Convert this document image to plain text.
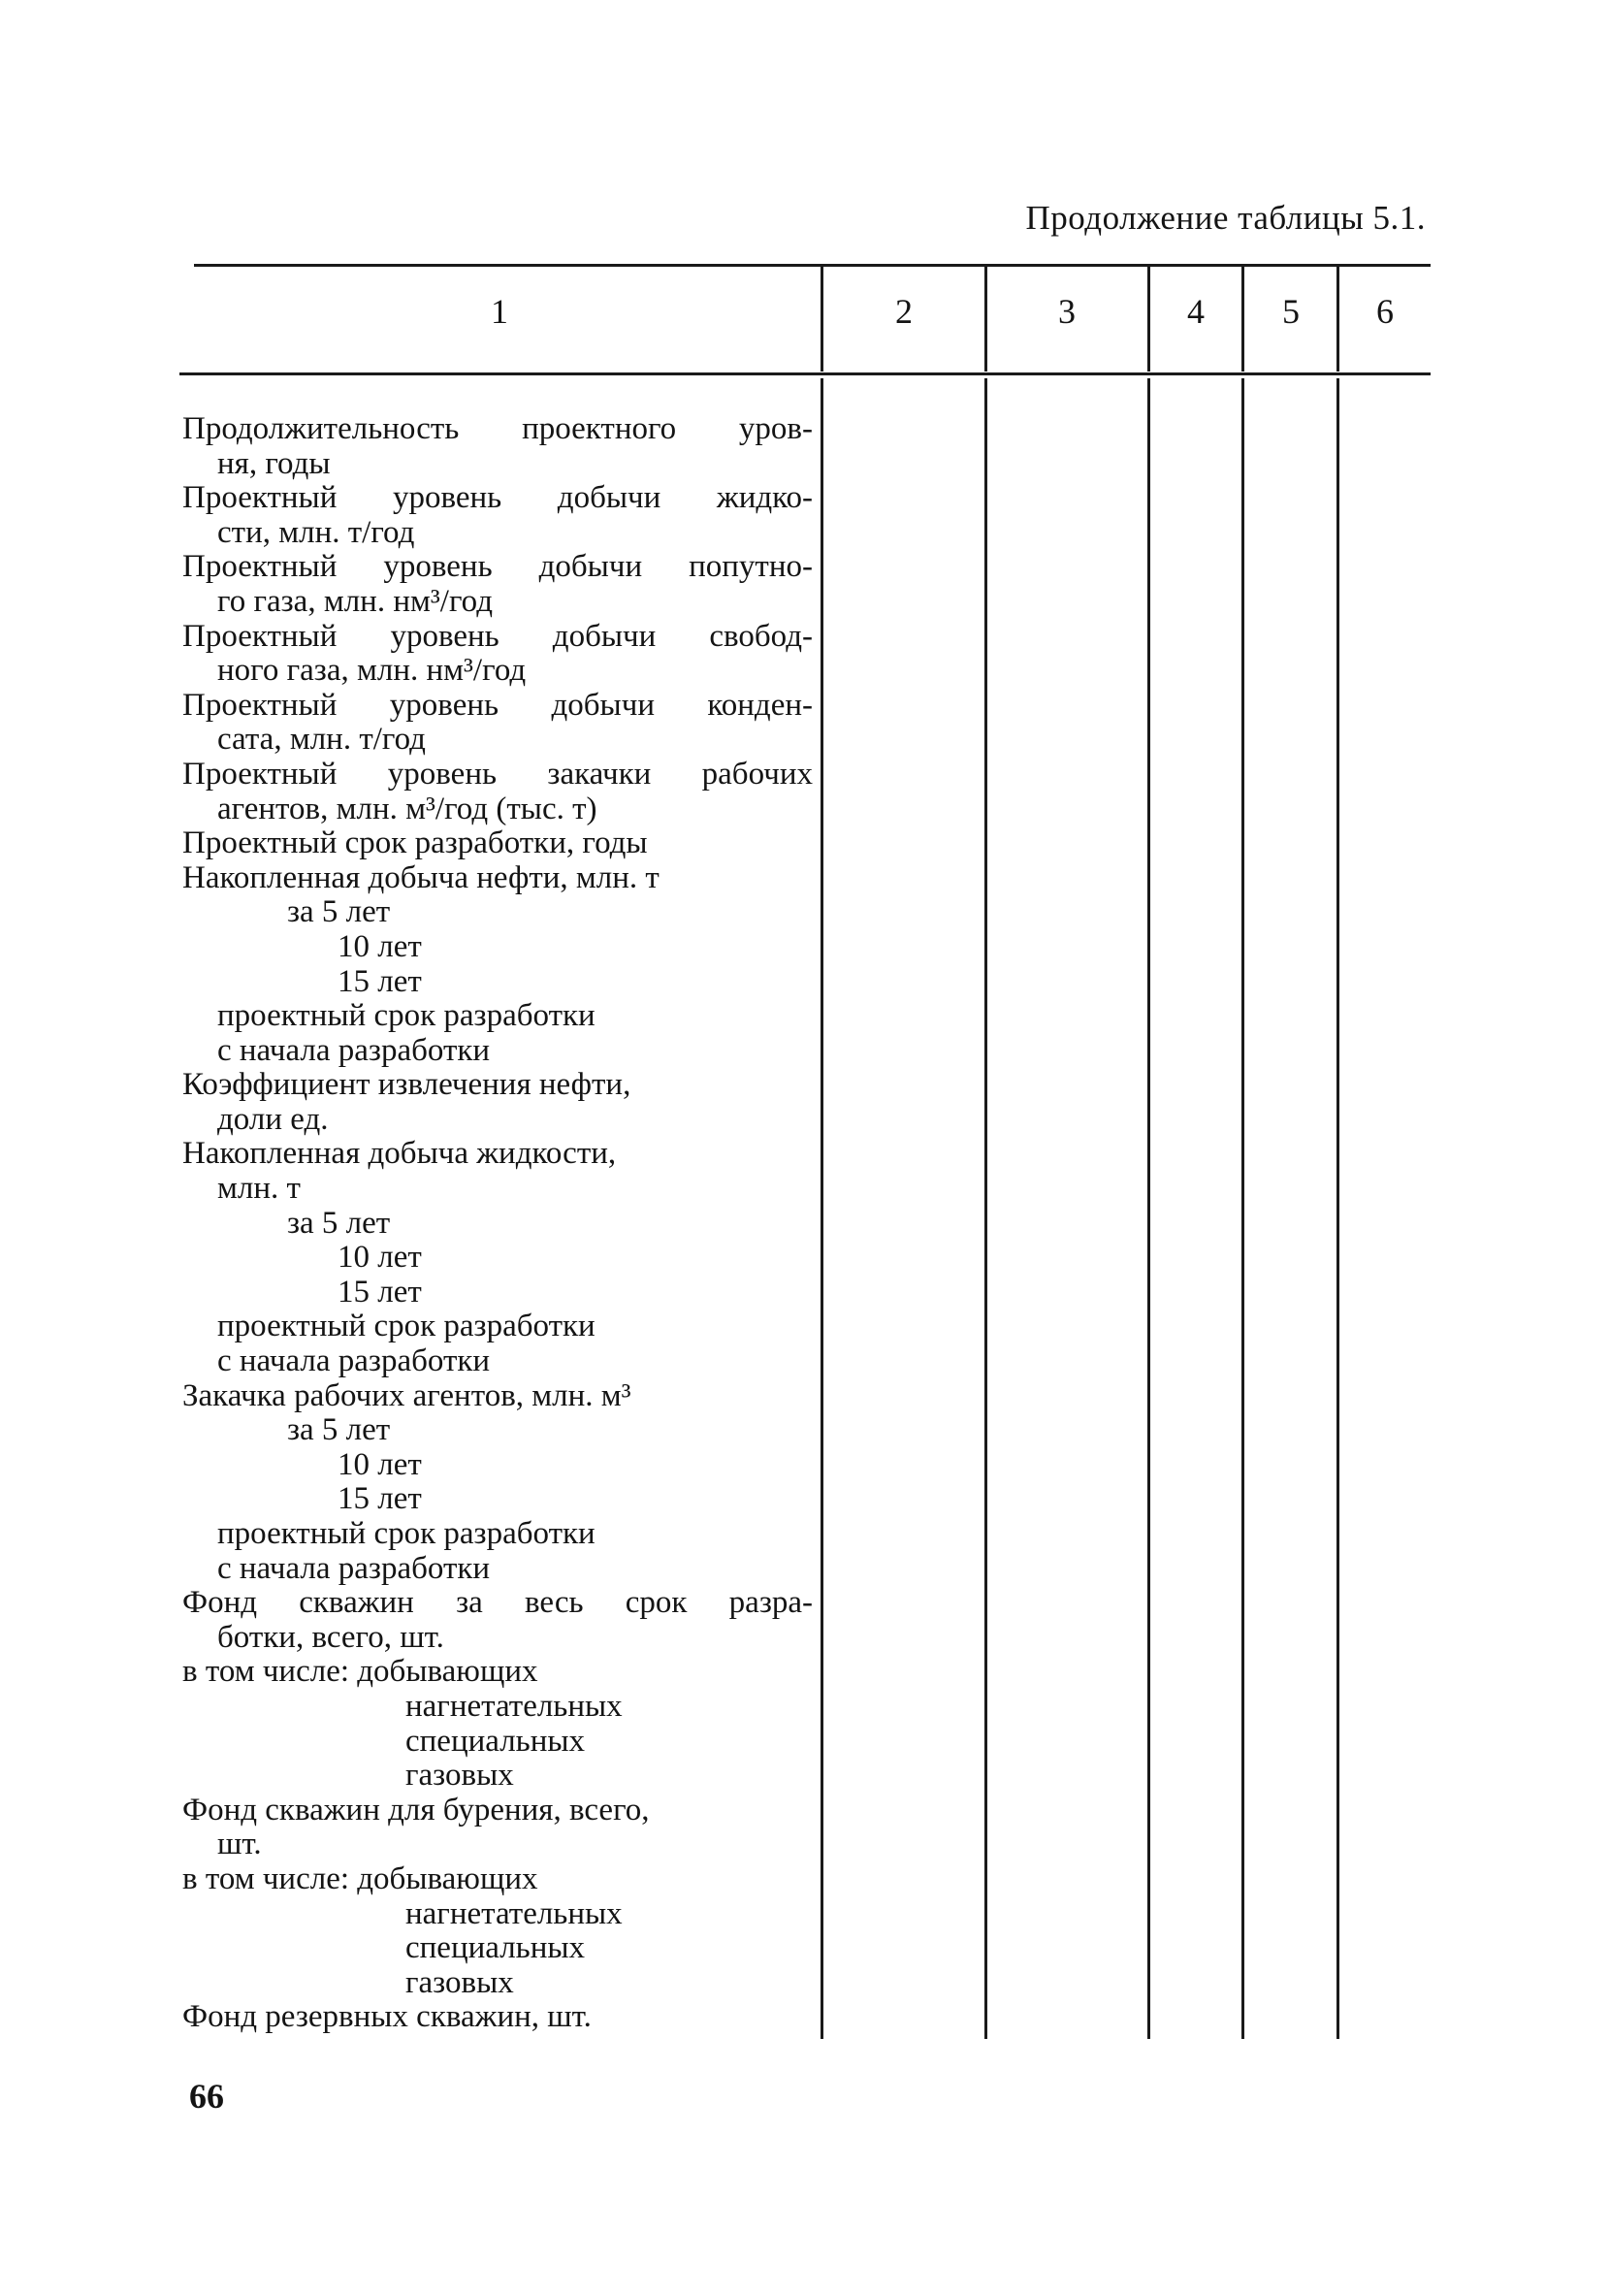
Продолжение таблицы 5.1.
1	2	3	4	5	6
Продолжительность проектного уров-
ня, годы
Проектный уровень добычи жидко-
сти, млн. т/год
Проектный уровень добычи попутно-
го газа, млн. нм³/год
Проектный уровень добычи свобод-
ного газа, млн. нм³/год
Проектный уровень добычи конден-
сата, млн. т/год
Проектный уровень закачки рабочих
агентов, млн. м³/год (тыс. т)
Проектный срок разработки, годы
Накопленная добыча нефти, млн. т
за 5 лет
10 лет
15 лет
проектный срок разработки
с начала разработки
Коэффициент извлечения нефти,
доли ед.
Накопленная добыча жидкости,
млн. т
за 5 лет
10 лет
15 лет
проектный срок разработки
с начала разработки
Закачка рабочих агентов, млн. м³
за 5 лет
10 лет
15 лет
проектный срок разработки
с начала разработки
Фонд скважин за весь срок разра-
ботки, всего, шт.
в том числе: добывающих
нагнетательных
специальных
газовых
Фонд скважин для бурения, всего,
шт.
в том числе: добывающих
нагнетательных
специальных
газовых
Фонд резервных скважин, шт.
66
